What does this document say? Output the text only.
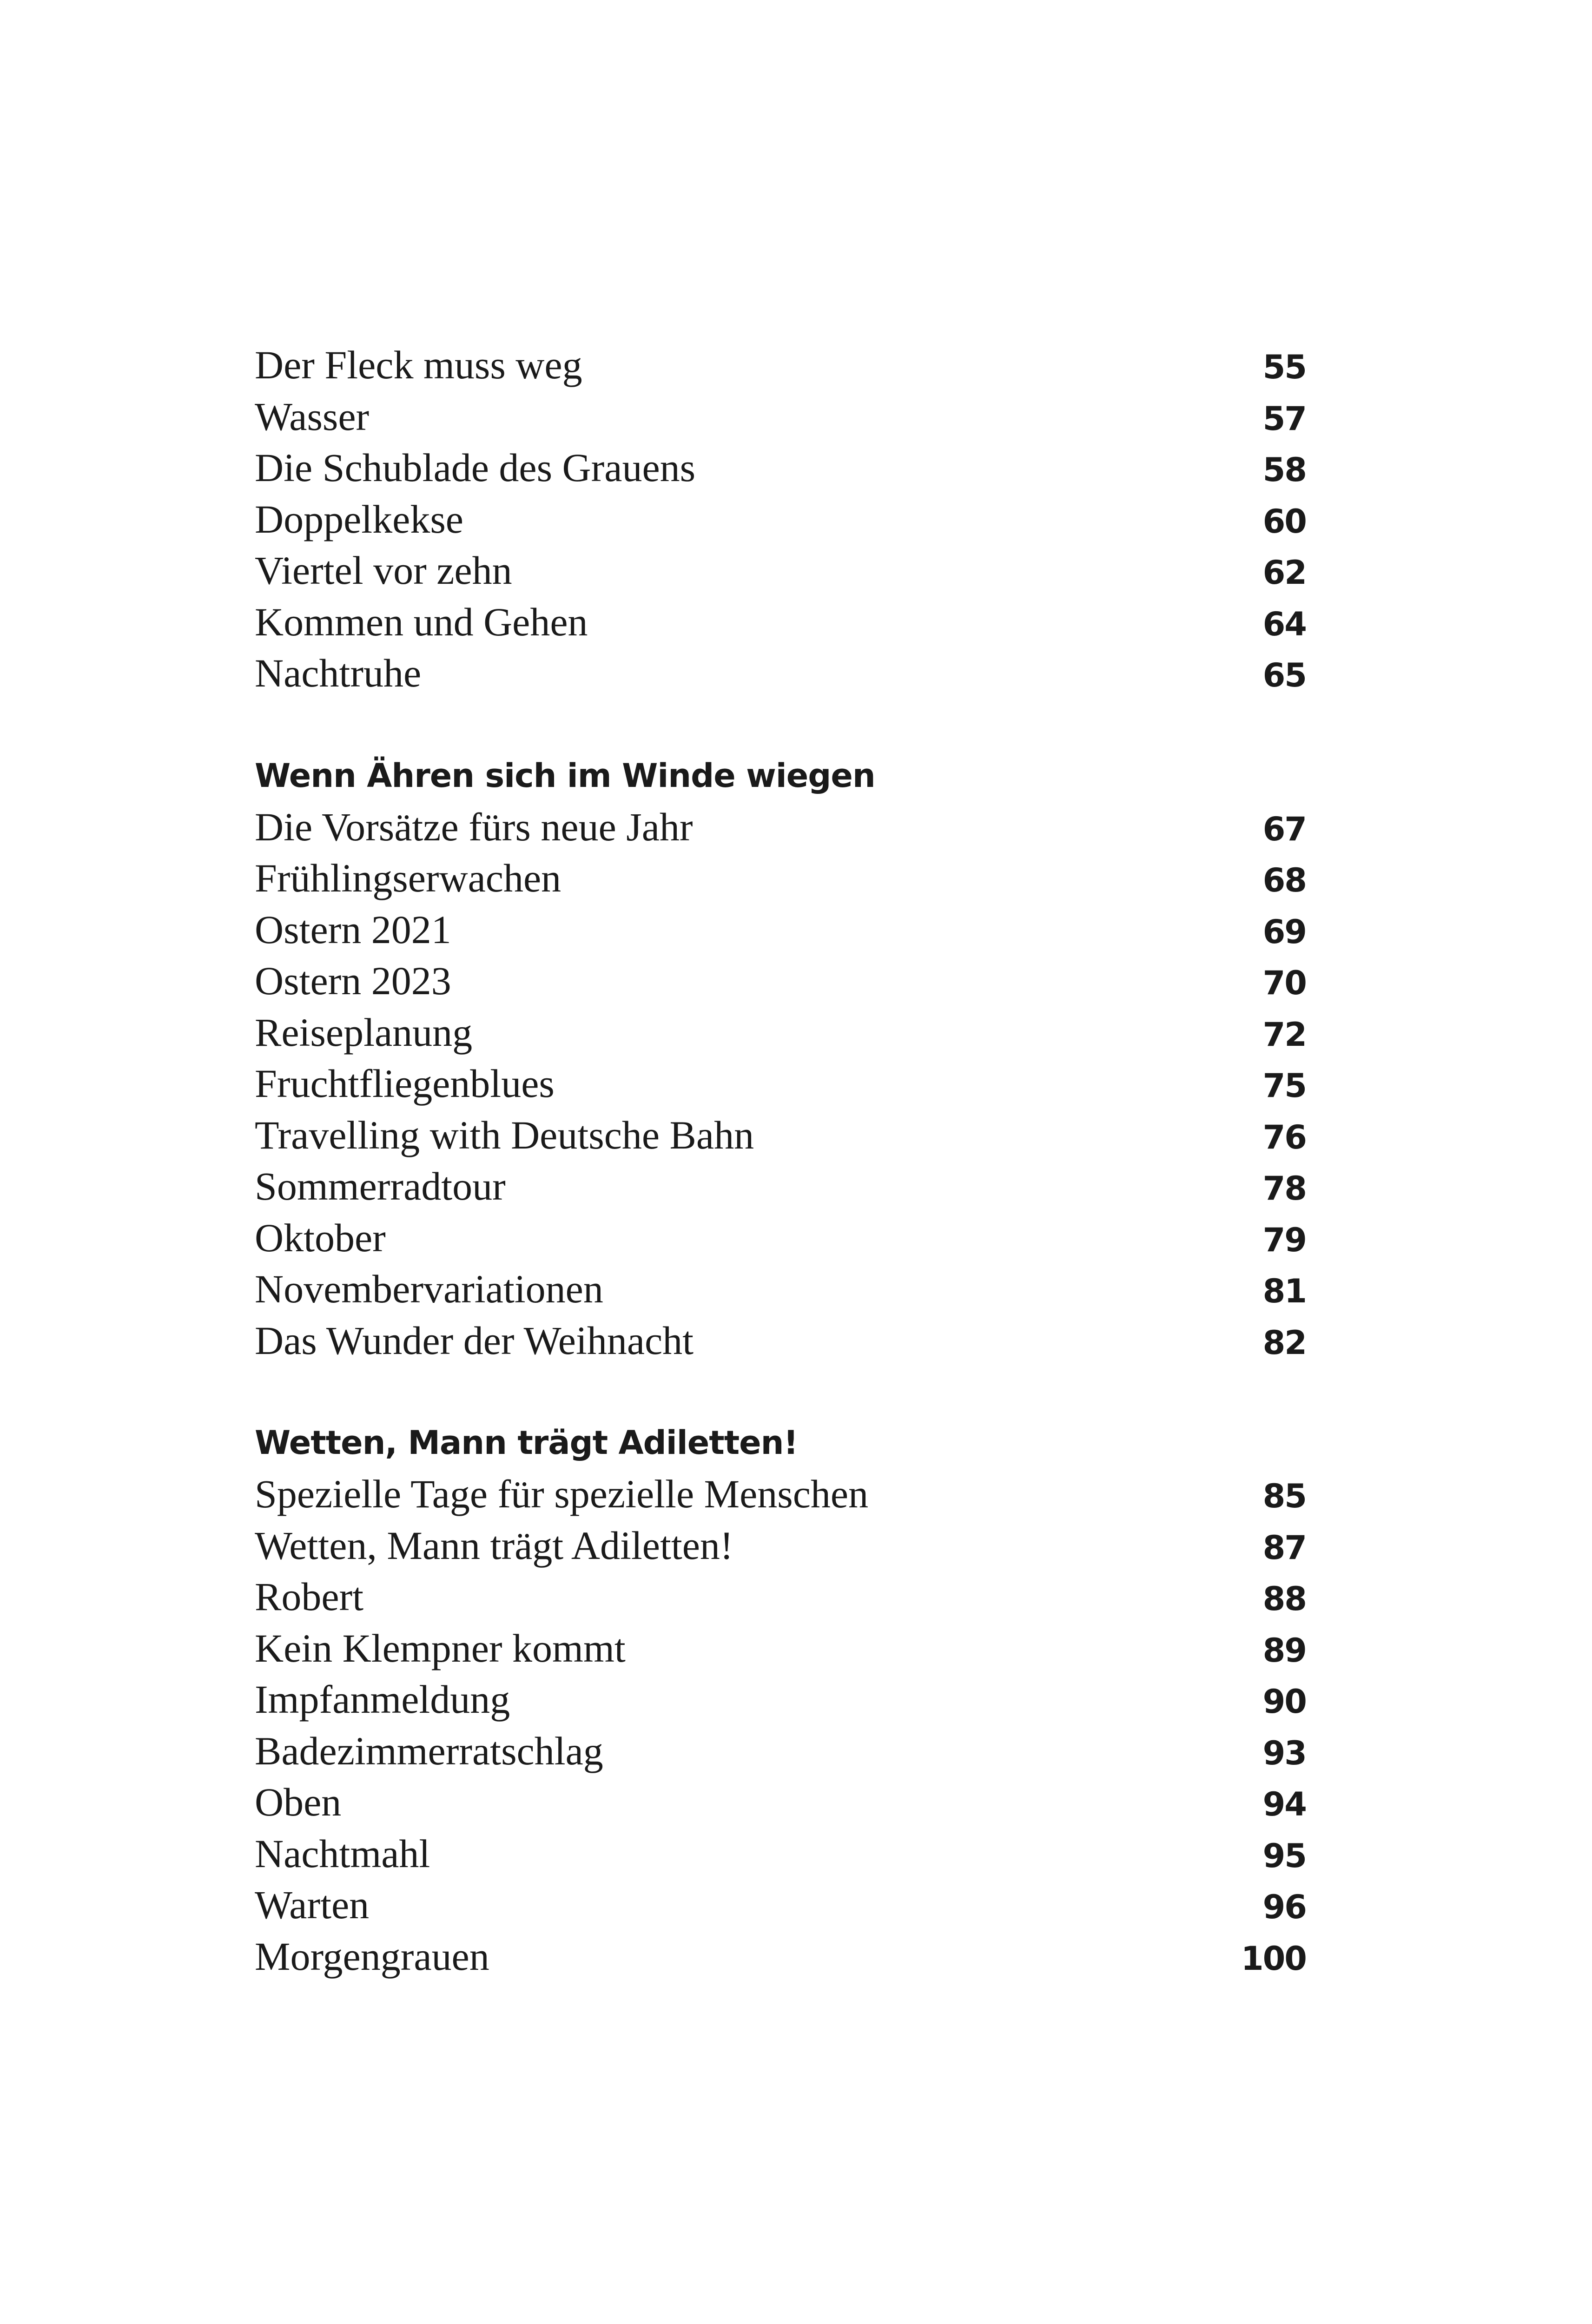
Der Fleck muss weg	55
Wasser	57
Die Schublade des Grauens	58
Doppelkekse	60
Viertel vor zehn	62
Kommen und Gehen	64
Nachtruhe	65
Wenn Ähren sich im Winde wiegen
Die Vorsätze fürs neue Jahr	67
Frühlingserwachen	68
Ostern 2021	69
Ostern 2023	70
Reiseplanung	72
Fruchtfliegenblues	75
Travelling with Deutsche Bahn	76
Sommerradtour	78
Oktober	79
Novembervariationen	81
Das Wunder der Weihnacht	82
Wetten, Mann trägt Adiletten!
Spezielle Tage für spezielle Menschen	85
Wetten, Mann trägt Adiletten!	87
Robert	88
Kein Klempner kommt	89
Impfanmeldung	90
Badezimmerratschlag	93
Oben	94
Nachtmahl	95
Warten	96
Morgengrauen	100
